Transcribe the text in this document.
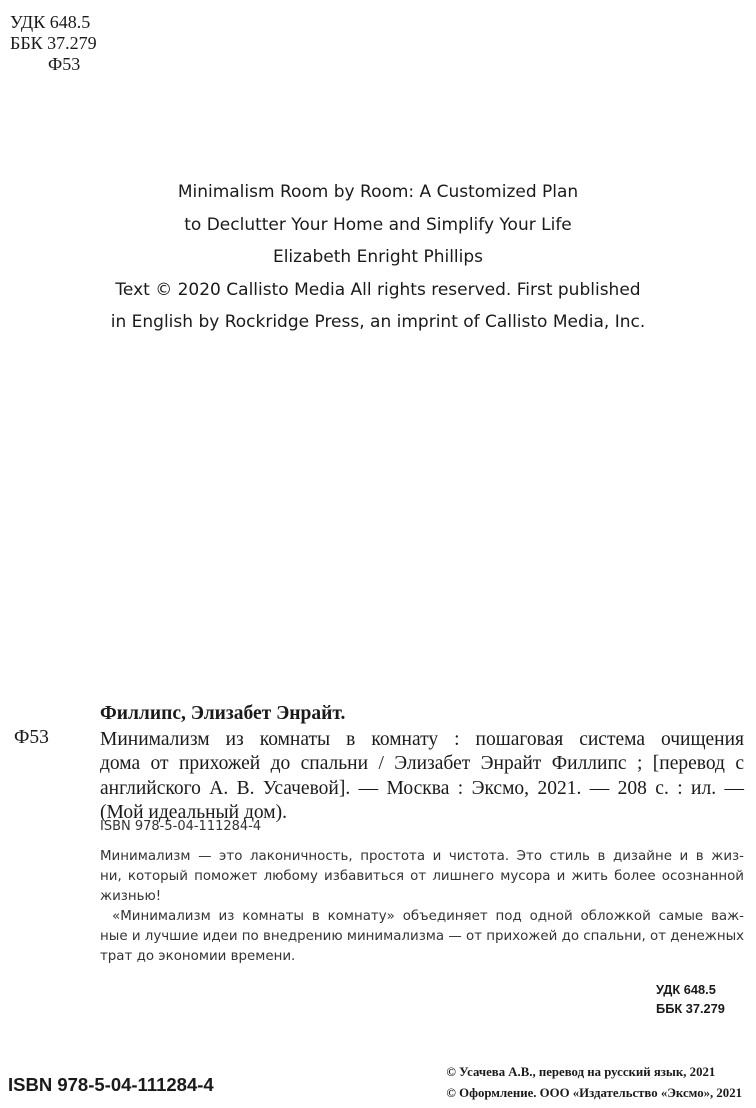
УДК 648.5
ББК 37.279
Ф53
Minimalism Room by Room: A Customized Plan
to Declutter Your Home and Simplify Your Life
Elizabeth Enright Phillips
Text © 2020 Callisto Media All rights reserved. First published
in English by Rockridge Press, an imprint of Callisto Media, Inc.
Ф53
Филлипс, Элизабет Энрайт.
Минимализм из комнаты в комнату : пошаговая система очищения
дома от прихожей до спальни / Элизабет Энрайт Филлипс ; [перевод с
английского А. В. Усачевой]. — Москва : Эксмо, 2021. — 208 с. : ил. —
(Мой идеальный дом).
ISBN 978-5-04-111284-4
Минимализм — это лаконичность, простота и чистота. Это стиль в дизайне и в жиз-
ни, который поможет любому избавиться от лишнего мусора и жить более осознанной
жизнью!
«Минимализм из комнаты в комнату» объединяет под одной обложкой самые важ-
ные и лучшие идеи по внедрению минимализма — от прихожей до спальни, от денежных
трат до экономии времени.
УДК 648.5
ББК 37.279
© Усачева А.В., перевод на русский язык, 2021
© Оформление. ООО «Издательство «Эксмо», 2021
ISBN 978-5-04-111284-4
